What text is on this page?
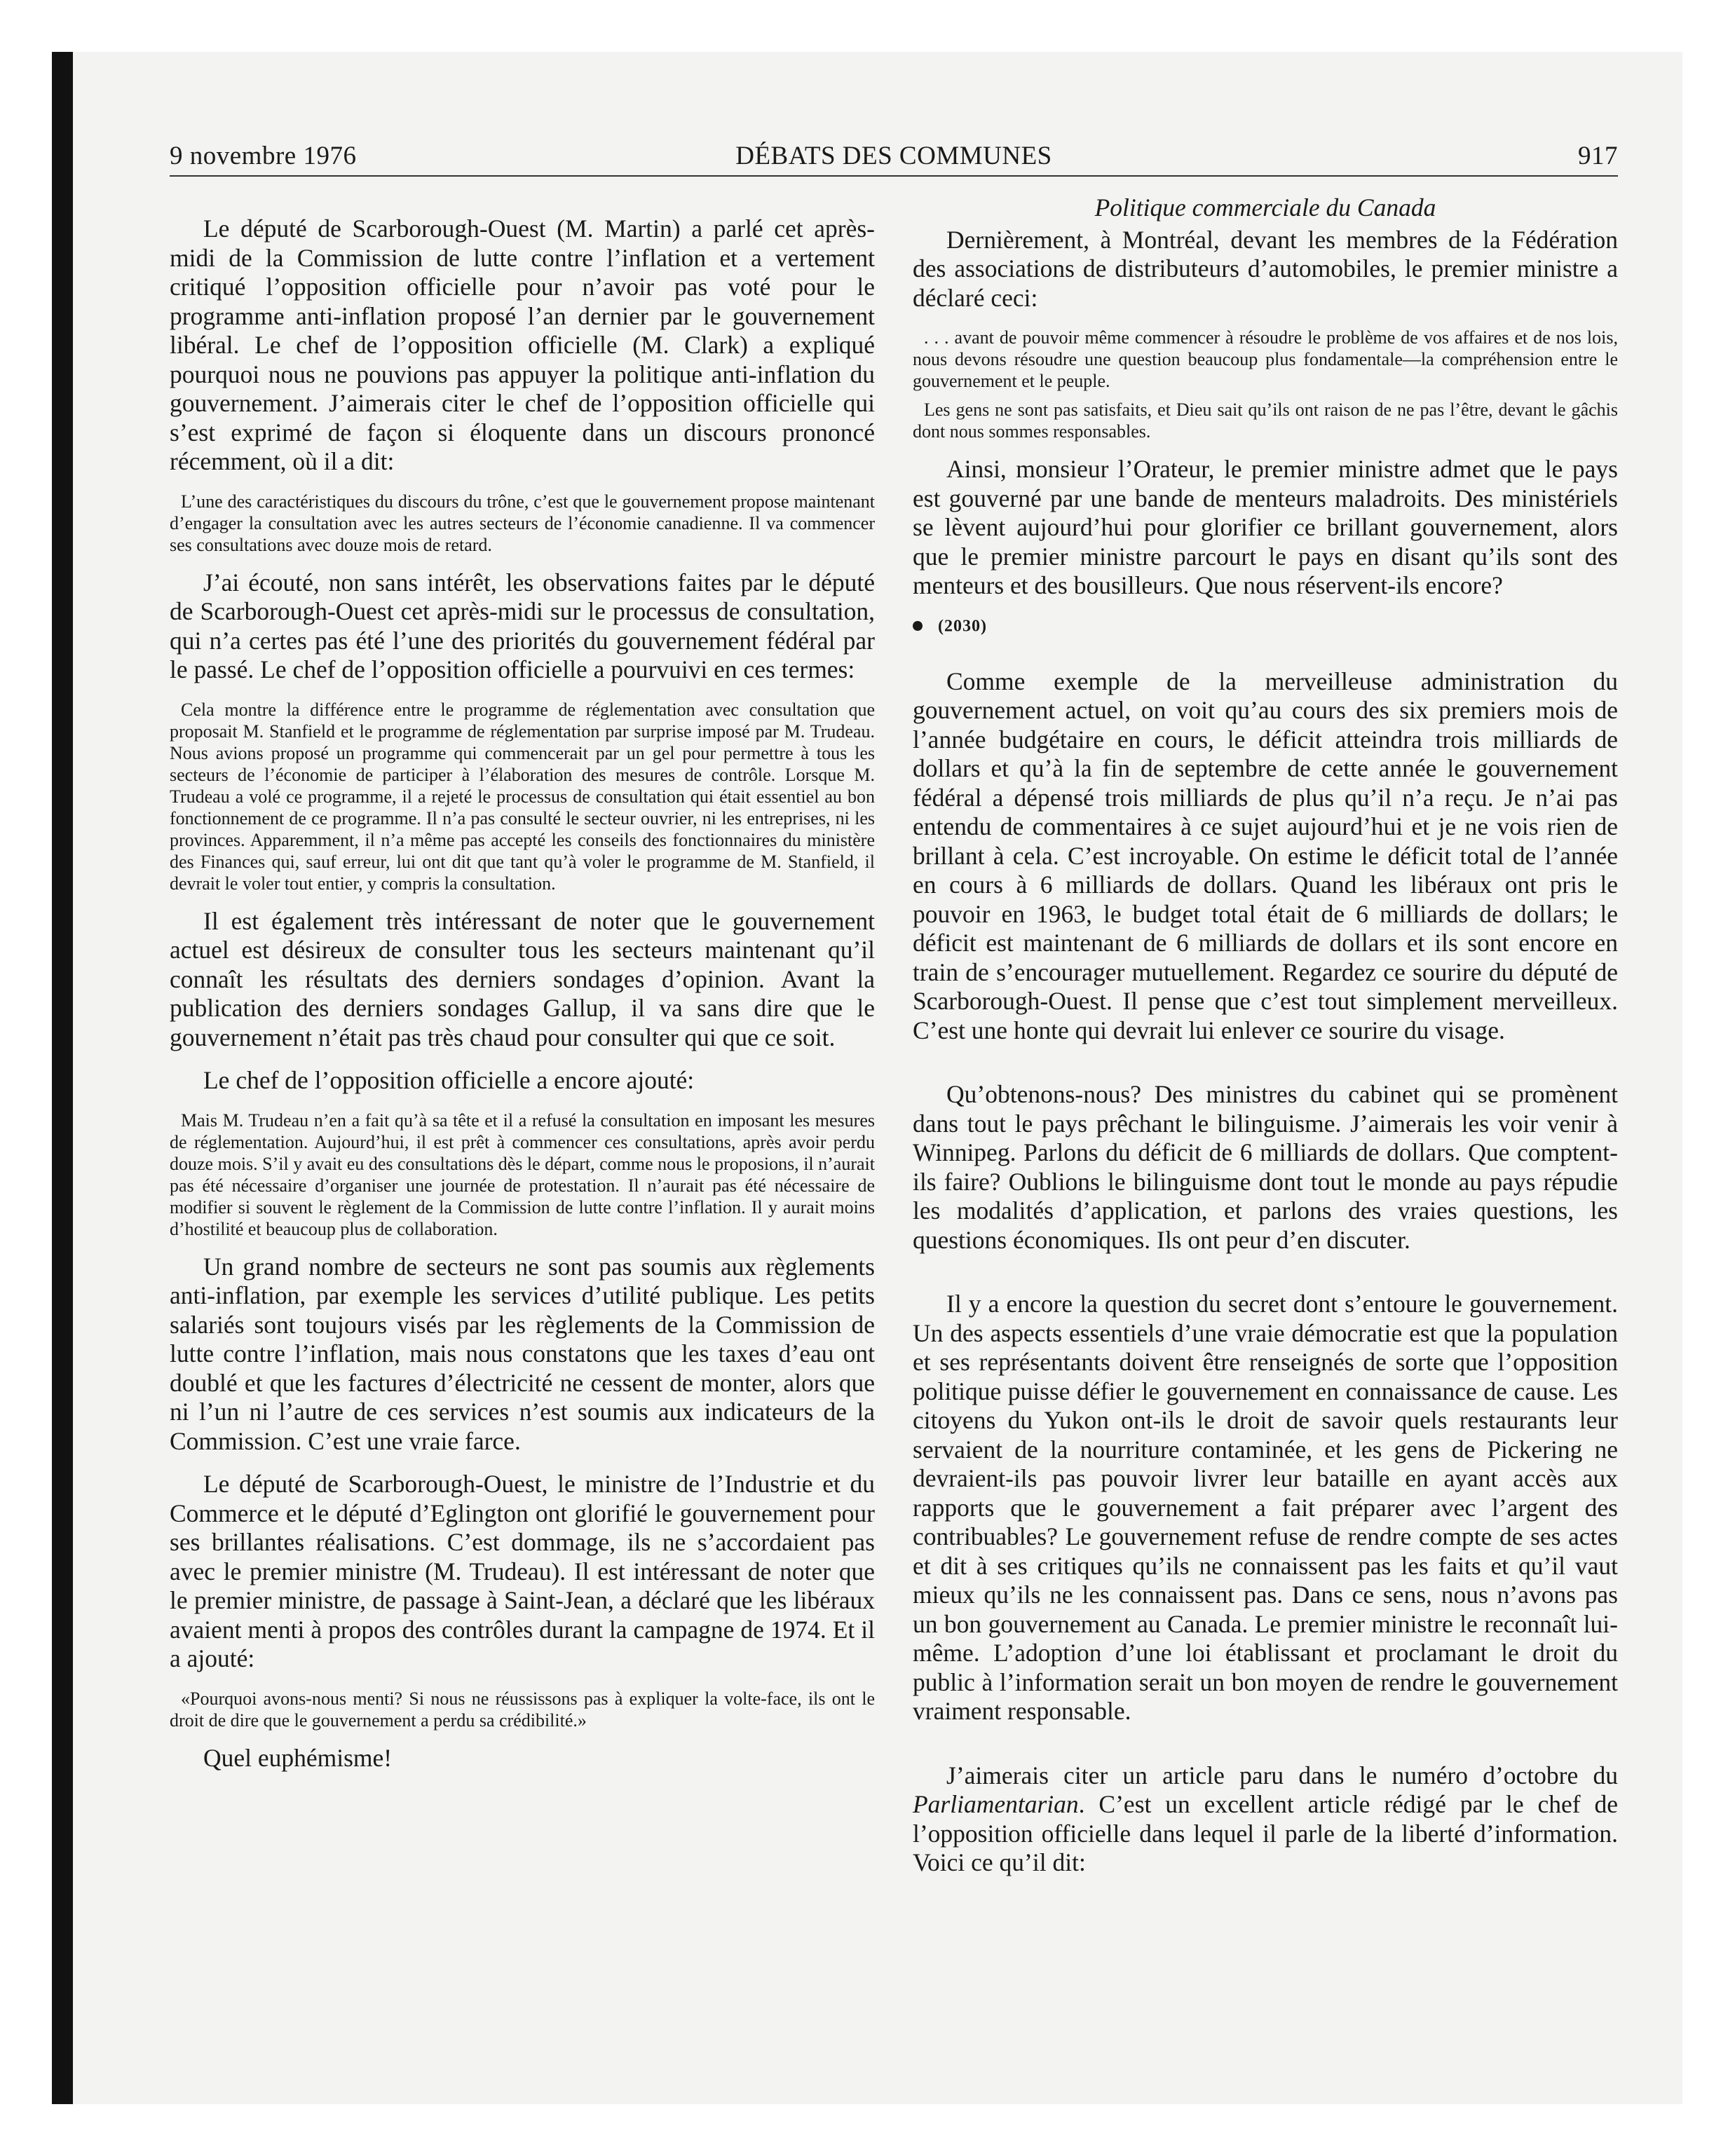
9 novembre 1976	DÉBATS DES COMMUNES	917

Le député de Scarborough-Ouest (M. Martin) a parlé cet après-midi de la Commission de lutte contre l’inflation et a vertement critiqué l’opposition officielle pour n’avoir pas voté pour le programme anti-inflation proposé l’an dernier par le gouvernement libéral. Le chef de l’opposition officielle (M. Clark) a expliqué pourquoi nous ne pouvions pas appuyer la politique anti-inflation du gouvernement. J’aimerais citer le chef de l’opposition officielle qui s’est exprimé de façon si éloquente dans un discours prononcé récemment, où il a dit:

L’une des caractéristiques du discours du trône, c’est que le gouvernement propose maintenant d’engager la consultation avec les autres secteurs de l’économie canadienne. Il va commencer ses consultations avec douze mois de retard.

J’ai écouté, non sans intérêt, les observations faites par le député de Scarborough-Ouest cet après-midi sur le processus de consultation, qui n’a certes pas été l’une des priorités du gouvernement fédéral par le passé. Le chef de l’opposition officielle a pourvuivi en ces termes:

Cela montre la différence entre le programme de réglementation avec consultation que proposait M. Stanfield et le programme de réglementation par surprise imposé par M. Trudeau. Nous avions proposé un programme qui commencerait par un gel pour permettre à tous les secteurs de l’économie de participer à l’élaboration des mesures de contrôle. Lorsque M. Trudeau a volé ce programme, il a rejeté le processus de consultation qui était essentiel au bon fonctionnement de ce programme. Il n’a pas consulté le secteur ouvrier, ni les entreprises, ni les provinces. Apparemment, il n’a même pas accepté les conseils des fonctionnaires du ministère des Finances qui, sauf erreur, lui ont dit que tant qu’à voler le programme de M. Stanfield, il devrait le voler tout entier, y compris la consultation.

Il est également très intéressant de noter que le gouvernement actuel est désireux de consulter tous les secteurs maintenant qu’il connaît les résultats des derniers sondages d’opinion. Avant la publication des derniers sondages Gallup, il va sans dire que le gouvernement n’était pas très chaud pour consulter qui que ce soit.

Le chef de l’opposition officielle a encore ajouté:

Mais M. Trudeau n’en a fait qu’à sa tête et il a refusé la consultation en imposant les mesures de réglementation. Aujourd’hui, il est prêt à commencer ces consultations, après avoir perdu douze mois. S’il y avait eu des consultations dès le départ, comme nous le proposions, il n’aurait pas été nécessaire d’organiser une journée de protestation. Il n’aurait pas été nécessaire de modifier si souvent le règlement de la Commission de lutte contre l’inflation. Il y aurait moins d’hostilité et beaucoup plus de collaboration.

Un grand nombre de secteurs ne sont pas soumis aux règlements anti-inflation, par exemple les services d’utilité publique. Les petits salariés sont toujours visés par les règlements de la Commission de lutte contre l’inflation, mais nous constatons que les taxes d’eau ont doublé et que les factures d’électricité ne cessent de monter, alors que ni l’un ni l’autre de ces services n’est soumis aux indicateurs de la Commission. C’est une vraie farce.

Le député de Scarborough-Ouest, le ministre de l’Industrie et du Commerce et le député d’Eglington ont glorifié le gouvernement pour ses brillantes réalisations. C’est dommage, ils ne s’accordaient pas avec le premier ministre (M. Trudeau). Il est intéressant de noter que le premier ministre, de passage à Saint-Jean, a déclaré que les libéraux avaient menti à propos des contrôles durant la campagne de 1974. Et il a ajouté:

«Pourquoi avons-nous menti? Si nous ne réussissons pas à expliquer la volte-face, ils ont le droit de dire que le gouvernement a perdu sa crédibilité.»

Quel euphémisme!

Politique commerciale du Canada

Dernièrement, à Montréal, devant les membres de la Fédération des associations de distributeurs d’automobiles, le premier ministre a déclaré ceci:

. . . avant de pouvoir même commencer à résoudre le problème de vos affaires et de nos lois, nous devons résoudre une question beaucoup plus fondamentale—la compréhension entre le gouvernement et le peuple.

Les gens ne sont pas satisfaits, et Dieu sait qu’ils ont raison de ne pas l’être, devant le gâchis dont nous sommes responsables.

Ainsi, monsieur l’Orateur, le premier ministre admet que le pays est gouverné par une bande de menteurs maladroits. Des ministériels se lèvent aujourd’hui pour glorifier ce brillant gouvernement, alors que le premier ministre parcourt le pays en disant qu’ils sont des menteurs et des bousilleurs. Que nous réservent-ils encore?

(2030)

Comme exemple de la merveilleuse administration du gouvernement actuel, on voit qu’au cours des six premiers mois de l’année budgétaire en cours, le déficit atteindra trois milliards de dollars et qu’à la fin de septembre de cette année le gouvernement fédéral a dépensé trois milliards de plus qu’il n’a reçu. Je n’ai pas entendu de commentaires à ce sujet aujourd’hui et je ne vois rien de brillant à cela. C’est incroyable. On estime le déficit total de l’année en cours à 6 milliards de dollars. Quand les libéraux ont pris le pouvoir en 1963, le budget total était de 6 milliards de dollars; le déficit est maintenant de 6 milliards de dollars et ils sont encore en train de s’encourager mutuellement. Regardez ce sourire du député de Scarborough-Ouest. Il pense que c’est tout simplement merveilleux. C’est une honte qui devrait lui enlever ce sourire du visage.

Qu’obtenons-nous? Des ministres du cabinet qui se promènent dans tout le pays prêchant le bilinguisme. J’aimerais les voir venir à Winnipeg. Parlons du déficit de 6 milliards de dollars. Que comptent-ils faire? Oublions le bilinguisme dont tout le monde au pays répudie les modalités d’application, et parlons des vraies questions, les questions économiques. Ils ont peur d’en discuter.

Il y a encore la question du secret dont s’entoure le gouvernement. Un des aspects essentiels d’une vraie démocratie est que la population et ses représentants doivent être renseignés de sorte que l’opposition politique puisse défier le gouvernement en connaissance de cause. Les citoyens du Yukon ont-ils le droit de savoir quels restaurants leur servaient de la nourriture contaminée, et les gens de Pickering ne devraient-ils pas pouvoir livrer leur bataille en ayant accès aux rapports que le gouvernement a fait préparer avec l’argent des contribuables? Le gouvernement refuse de rendre compte de ses actes et dit à ses critiques qu’ils ne connaissent pas les faits et qu’il vaut mieux qu’ils ne les connaissent pas. Dans ce sens, nous n’avons pas un bon gouvernement au Canada. Le premier ministre le reconnaît lui-même. L’adoption d’une loi établissant et proclamant le droit du public à l’information serait un bon moyen de rendre le gouvernement vraiment responsable.

J’aimerais citer un article paru dans le numéro d’octobre du Parliamentarian. C’est un excellent article rédigé par le chef de l’opposition officielle dans lequel il parle de la liberté d’information. Voici ce qu’il dit:
